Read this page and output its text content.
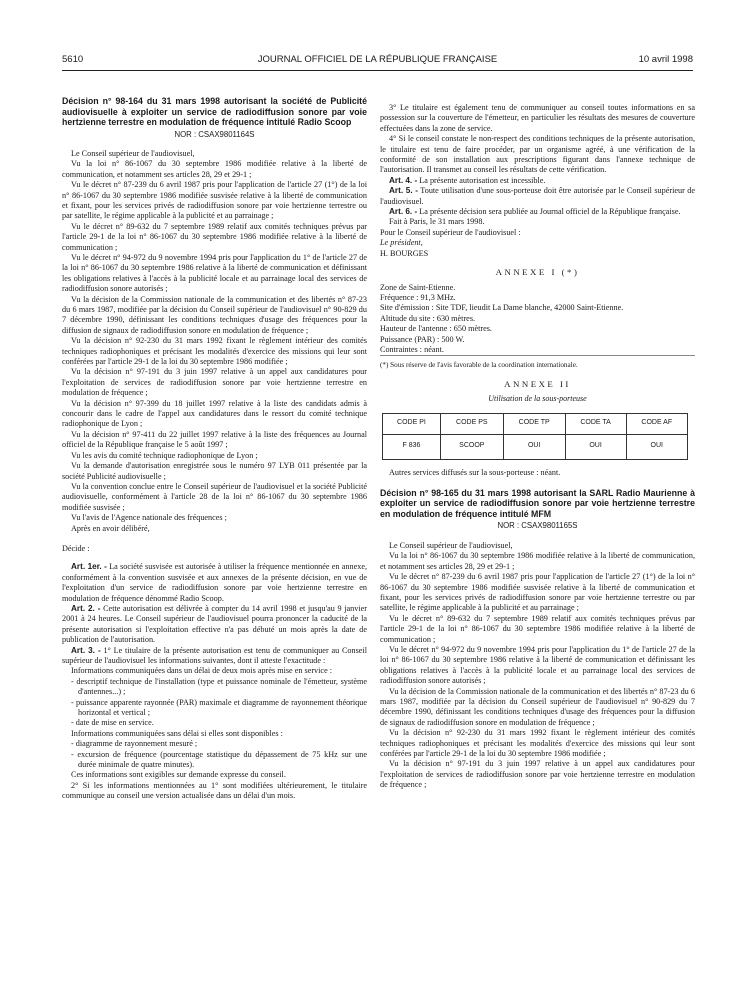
5610	JOURNAL OFFICIEL DE LA RÉPUBLIQUE FRANÇAISE	10 avril 1998

Décision n° 98-164 du 31 mars 1998 autorisant la société de Publicité audiovisuelle à exploiter un service de radiodiffusion sonore par voie hertzienne terrestre en modulation de fréquence intitulé Radio Scoop

NOR : CSAX9801164S

Le Conseil supérieur de l'audiovisuel,

Vu la loi n° 86-1067 du 30 septembre 1986 modifiée relative à la liberté de communication, et notamment ses articles 28, 29 et 29-1 ;

Vu le décret n° 87-239 du 6 avril 1987 pris pour l'application de l'article 27 (1°) de la loi n° 86-1067 du 30 septembre 1986 modifiée susvisée relative à la liberté de communication et fixant, pour les services privés de radiodiffusion sonore par voie hertzienne terrestre ou par satellite, le régime applicable à la publicité et au parrainage ;

Vu le décret n° 89-632 du 7 septembre 1989 relatif aux comités techniques prévus par l'article 29-1 de la loi n° 86-1067 du 30 septembre 1986 modifiée relative à la liberté de communication ;

Vu le décret n° 94-972 du 9 novembre 1994 pris pour l'application du 1° de l'article 27 de la loi n° 86-1067 du 30 septembre 1986 relative à la liberté de communication et définissant les obligations relatives à l'accès à la publicité locale et au parrainage local des services de radiodiffusion sonore autorisés ;

Vu la décision de la Commission nationale de la communication et des libertés n° 87-23 du 6 mars 1987, modifiée par la décision du Conseil supérieur de l'audiovisuel n° 90-829 du 7 décembre 1990, définissant les conditions techniques d'usage des fréquences pour la diffusion de signaux de radiodiffusion sonore en modulation de fréquence ;

Vu la décision n° 92-230 du 31 mars 1992 fixant le règlement intérieur des comités techniques radiophoniques et précisant les modalités d'exercice des missions qui leur sont conférées par l'article 29-1 de la loi du 30 septembre 1986 modifiée ;

Vu la décision n° 97-191 du 3 juin 1997 relative à un appel aux candidatures pour l'exploitation de services de radiodiffusion sonore par voie hertzienne terrestre en modulation de fréquence ;

Vu la décision n° 97-399 du 18 juillet 1997 relative à la liste des candidats admis à concourir dans le cadre de l'appel aux candidatures dans le ressort du comité technique radiophonique de Lyon ;

Vu la décision n° 97-411 du 22 juillet 1997 relative à la liste des fréquences au Journal officiel de la République française le 5 août 1997 ;

Vu les avis du comité technique radiophonique de Lyon ;

Vu la demande d'autorisation enregistrée sous le numéro 97 LYB 011 présentée par la société Publicité audiovisuelle ;

Vu la convention conclue entre le Conseil supérieur de l'audiovisuel et la société Publicité audiovisuelle, conformément à l'article 28 de la loi n° 86-1067 du 30 septembre 1986 modifiée susvisée ;

Vu l'avis de l'Agence nationale des fréquences ;

Après en avoir délibéré,

Décide :

Art. 1er. - La société susvisée est autorisée à utiliser la fréquence mentionnée en annexe, conformément à la convention susvisée et aux annexes de la présente décision, en vue de l'exploitation d'un service de radiodiffusion sonore par voie hertzienne terrestre en modulation de fréquence dénommé Radio Scoop.

Art. 2. - Cette autorisation est délivrée à compter du 14 avril 1998 et jusqu'au 9 janvier 2001 à 24 heures. Le Conseil supérieur de l'audiovisuel pourra prononcer la caducité de la présente autorisation si l'exploitation effective n'a pas débuté un mois après la date de publication de l'autorisation.

Art. 3. - 1° Le titulaire de la présente autorisation est tenu de communiquer au Conseil supérieur de l'audiovisuel les informations suivantes, dont il atteste l'exactitude :

Informations communiquées dans un délai de deux mois après mise en service :

- descriptif technique de l'installation (type et puissance nominale de l'émetteur, système d'antennes...) ;

- puissance apparente rayonnée (PAR) maximale et diagramme de rayonnement théorique horizontal et vertical ;

- date de mise en service.

Informations communiquées sans délai si elles sont disponibles :

- diagramme de rayonnement mesuré ;

- excursion de fréquence (pourcentage statistique du dépassement de 75 kHz sur une durée minimale de quatre minutes).

Ces informations sont exigibles sur demande expresse du conseil.

2° Si les informations mentionnées au 1° sont modifiées ultérieurement, le titulaire communique au conseil une version actualisée dans un délai d'un mois.

3° Le titulaire est également tenu de communiquer au conseil toutes informations en sa possession sur la couverture de l'émetteur, en particulier les résultats des mesures de couverture effectuées dans la zone de service.

4° Si le conseil constate le non-respect des conditions techniques de la présente autorisation, le titulaire est tenu de faire procéder, par un organisme agréé, à une vérification de la conformité de son installation aux prescriptions figurant dans l'annexe technique de l'autorisation. Il transmet au conseil les résultats de cette vérification.

Art. 4. - La présente autorisation est incessible.

Art. 5. - Toute utilisation d'une sous-porteuse doit être autorisée par le Conseil supérieur de l'audiovisuel.

Art. 6. - La présente décision sera publiée au Journal officiel de la République française.

Fait à Paris, le 31 mars 1998.

Pour le Conseil supérieur de l'audiovisuel :

Le président,

H. BOURGES

ANNEXE I (*)

Zone de Saint-Etienne.

Fréquence : 91,3 MHz.

Site d'émission : Site TDF, lieudit La Dame blanche, 42000 Saint-Etienne.

Altitude du site : 630 mètres.

Hauteur de l'antenne : 650 mètres.

Puissance (PAR) : 500 W.

Contraintes : néant.

(*) Sous réserve de l'avis favorable de la coordination internationale.

ANNEXE II
Utilisation de la sous-porteuse
CODE PI	CODE PS	CODE TP	CODE TA	CODE AF
F 836	SCOOP	OUI	OUI	OUI

Autres services diffusés sur la sous-porteuse : néant.

Décision n° 98-165 du 31 mars 1998 autorisant la SARL Radio Maurienne à exploiter un service de radiodiffusion sonore par voie hertzienne terrestre en modulation de fréquence intitulé MFM

NOR : CSAX9801165S

Le Conseil supérieur de l'audiovisuel,

Vu la loi n° 86-1067 du 30 septembre 1986 modifiée relative à la liberté de communication, et notamment ses articles 28, 29 et 29-1 ;

Vu le décret n° 87-239 du 6 avril 1987 pris pour l'application de l'article 27 (1°) de la loi n° 86-1067 du 30 septembre 1986 modifiée susvisée relative à la liberté de communication et fixant, pour les services privés de radiodiffusion sonore par voie hertzienne terrestre ou par satellite, le régime applicable à la publicité et au parrainage ;

Vu le décret n° 89-632 du 7 septembre 1989 relatif aux comités techniques prévus par l'article 29-1 de la loi n° 86-1067 du 30 septembre 1986 modifiée relative à la liberté de communication ;

Vu le décret n° 94-972 du 9 novembre 1994 pris pour l'application du 1° de l'article 27 de la loi n° 86-1067 du 30 septembre 1986 relative à la liberté de communication et définissant les obligations relatives à l'accès à la publicité locale et au parrainage local des services de radiodiffusion sonore autorisés ;

Vu la décision de la Commission nationale de la communication et des libertés n° 87-23 du 6 mars 1987, modifiée par la décision du Conseil supérieur de l'audiovisuel n° 90-829 du 7 décembre 1990, définissant les conditions techniques d'usage des fréquences pour la diffusion de signaux de radiodiffusion sonore en modulation de fréquence ;

Vu la décision n° 92-230 du 31 mars 1992 fixant le règlement intérieur des comités techniques radiophoniques et précisant les modalités d'exercice des missions qui leur sont conférées par l'article 29-1 de la loi du 30 septembre 1986 modifiée ;

Vu la décision n° 97-191 du 3 juin 1997 relative à un appel aux candidatures pour l'exploitation de services de radiodiffusion sonore par voie hertzienne terrestre en modulation de fréquence ;
